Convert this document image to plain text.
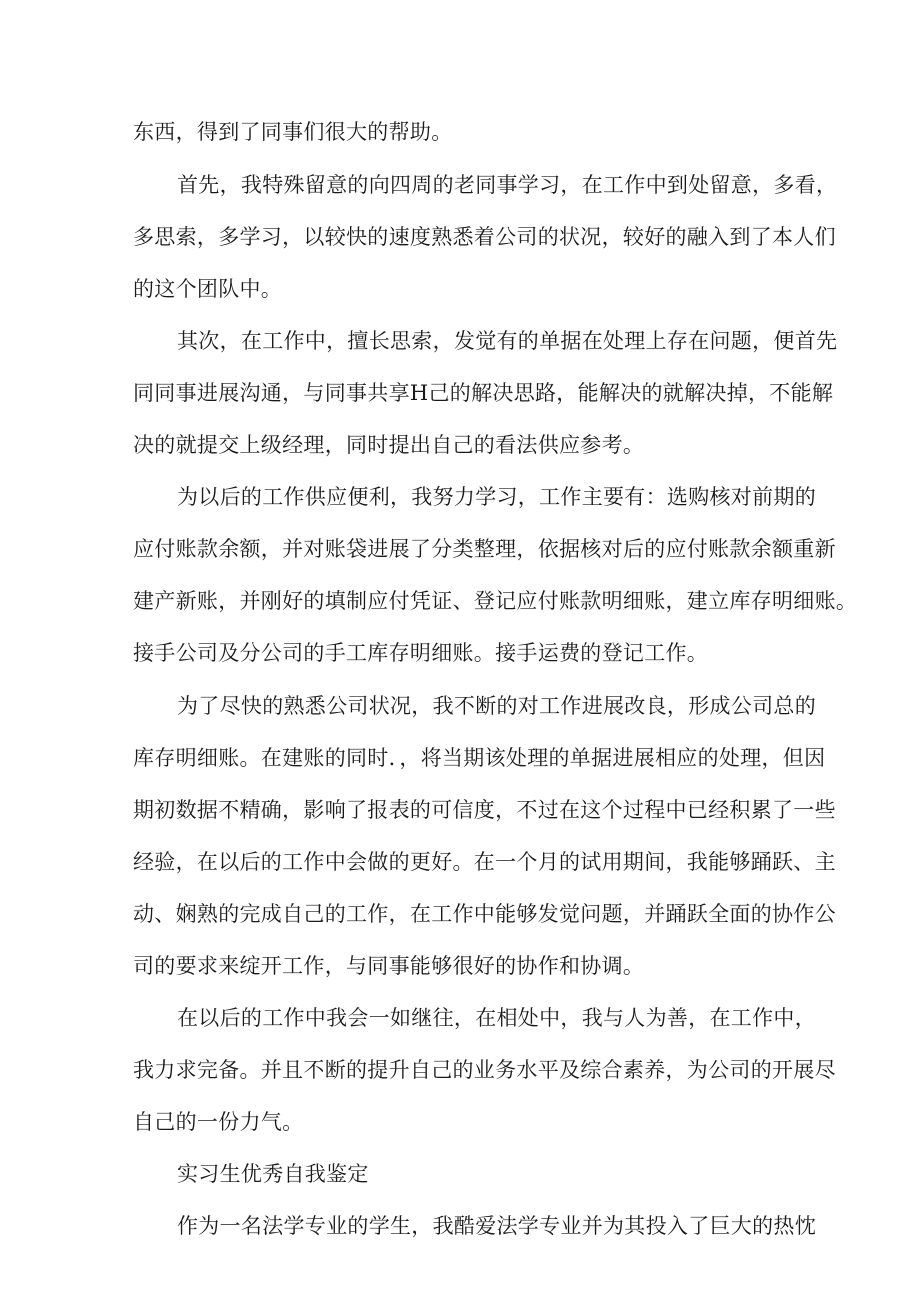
东西，得到了同事们很大的帮助。
首先，我特殊留意的向四周的老同事学习，在工作中到处留意，多看，
多思索，多学习，以较快的速度熟悉着公司的状况，较好的融入到了本人们
的这个团队中。
其次，在工作中，擅长思索，发觉有的单据在处理上存在问题，便首先
同同事进展沟通，与同事共享H己的解决思路，能解决的就解决掉，不能解
决的就提交上级经理，同时提出自己的看法供应参考。
为以后的工作供应便利，我努力学习，工作主要有：选购核对前期的
应付账款余额，并对账袋进展了分类整理，依据核对后的应付账款余额重新
建产新账，并刚好的填制应付凭证、登记应付账款明细账，建立库存明细账。
接手公司及分公司的手工库存明细账。接手运费的登记工作。
为了尽快的熟悉公司状况，我不断的对工作进展改良，形成公司总的
库存明细账。在建账的同时．，将当期该处理的单据进展相应的处理，但因
期初数据不精确，影响了报表的可信度，不过在这个过程中已经积累了一些
经验，在以后的工作中会做的更好。在一个月的试用期间，我能够踊跃、主
动、娴熟的完成自己的工作，在工作中能够发觉问题，并踊跃全面的协作公
司的要求来绽开工作，与同事能够很好的协作和协调。
在以后的工作中我会一如继往，在相处中，我与人为善，在工作中，
我力求完备。并且不断的提升自己的业务水平及综合素养，为公司的开展尽
自己的一份力气。
实习生优秀自我鉴定
作为一名法学专业的学生，我酷爱法学专业并为其投入了巨大的热忱
